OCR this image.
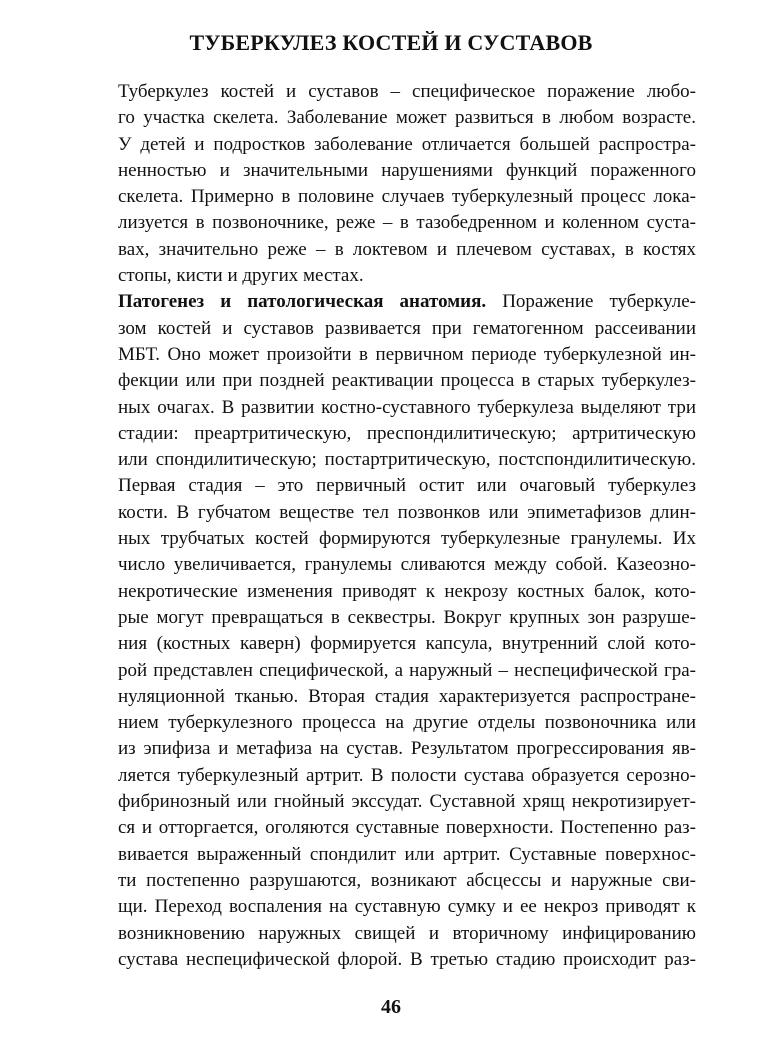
ТУБЕРКУЛЕЗ КОСТЕЙ И СУСТАВОВ
Туберкулез костей и суставов – специфическое поражение любо-
го участка скелета. Заболевание может развиться в любом возрасте.
У детей и подростков заболевание отличается большей распростра-
ненностью и значительными нарушениями функций пораженного
скелета. Примерно в половине случаев туберкулезный процесс лока-
лизуется в позвоночнике, реже – в тазобедренном и коленном суста-
вах, значительно реже – в локтевом и плечевом суставах, в костях
стопы, кисти и других местах.
Патогенез и патологическая анатомия. Поражение туберкуле-
зом костей и суставов развивается при гематогенном рассеивании
МБТ. Оно может произойти в первичном периоде туберкулезной ин-
фекции или при поздней реактивации процесса в старых туберкулез-
ных очагах. В развитии костно-суставного туберкулеза выделяют три
стадии: преартритическую, преспондилитическую; артритическую
или спондилитическую; постартритическую, постспондилитическую.
Первая стадия – это первичный остит или очаговый туберкулез
кости. В губчатом веществе тел позвонков или эпиметафизов длин-
ных трубчатых костей формируются туберкулезные гранулемы. Их
число увеличивается, гранулемы сливаются между собой. Казеозно-
некротические изменения приводят к некрозу костных балок, кото-
рые могут превращаться в секвестры. Вокруг крупных зон разруше-
ния (костных каверн) формируется капсула, внутренний слой кото-
рой представлен специфической, а наружный – неспецифической гра-
нуляционной тканью. Вторая стадия характеризуется распростране-
нием туберкулезного процесса на другие отделы позвоночника или
из эпифиза и метафиза на сустав. Результатом прогрессирования яв-
ляется туберкулезный артрит. В полости сустава образуется серозно-
фибринозный или гнойный экссудат. Суставной хрящ некротизирует-
ся и отторгается, оголяются суставные поверхности. Постепенно раз-
вивается выраженный спондилит или артрит. Суставные поверхнос-
ти постепенно разрушаются, возникают абсцессы и наружные сви-
щи. Переход воспаления на суставную сумку и ее некроз приводят к
возникновению наружных свищей и вторичному инфицированию
сустава неспецифической флорой. В третью стадию происходит раз-
46
